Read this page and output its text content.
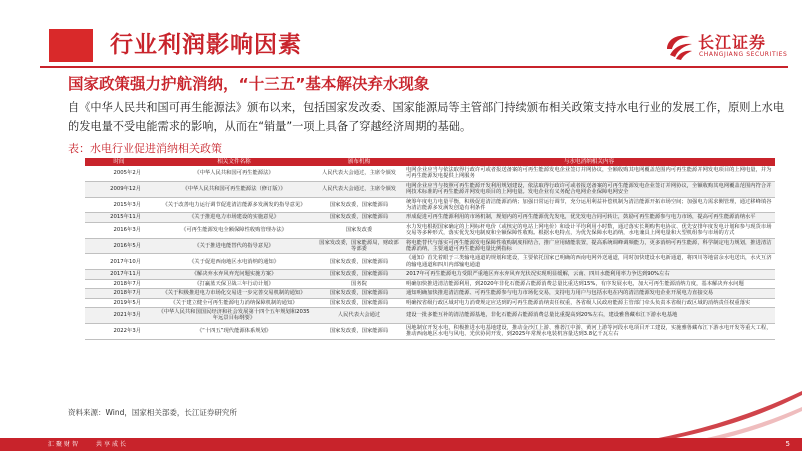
行业利润影响因素	长江证券
CHANGJIANG SECURITIES
国家政策强力护航消纳，“十三五”基本解决弃水现象
自《中华人民共和国可再生能源法》颁布以来，包括国家发改委、国家能源局等主管部门持续颁布相关政策支持水电行业的发展工作，原则上水电的发电量不受电能需求的影响，从而在“销量”一项上具备了穿越经济周期的基础。
表：水电行业促进消纳相关政策
时间	相关文件名称	颁布机构	与水电消纳相关内容
2005年2月	《中华人民共和国可再生能源法》	人民代表大会通过，主席令颁发	电网企业应当与依法取得行政许可或者报送备案的可再生能源发电企业签订并网协议，全额收购其电网覆盖范围内可再生能源并网发电项目的上网电量，并为可再生能源发电提供上网服务
2009年12月	《中华人民共和国可再生能源法（修订版）》	人民代表大会通过，主席令颁发	电网企业应当与按照可再生能源开发利用规划建设，依法取得行政许可或者报送备案的可再生能源发电企业签订并网协议，全额收购其电网覆盖范围内符合并网技术标准的可再生能源并网发电项目的上网电量。发电企业有义务配合电网企业保障电网安全
2015年3月	《关于改善电力运行调节促进清洁能源多发满发的指导意见》	国家发改委，国家能源局	统筹年度电力电量平衡，积极促进清洁能源消纳；加强日常运行调节，充分运用利益补偿机制为清洁能源开拓市场空间；加强电力需求侧管理，通过移峰填谷为清洁能源多发满发创造有利条件
2015年11月	《关于推进电力市场建设的实施意见》	国家发改委，国家能源局	形成促进可再生能源利用的市场机制，规划内的可再生能源优先发电，优先发电合同可转让，鼓励可再生能源参与电力市场，提高可再生能源消纳水平
2016年3月	《可再生能源发电全额保障性收购管理办法》	国家发改委	水力发电根据国家确定的上网标杆电价（或核定的电站上网电价）和设计平均利用小时数，通过落实长期购售电协议、优先安排年度发电计划和参与现货市场交易等多种形式，落实优先发电制度和全额保障性收购。根据水电特点，为优先保障水电消纳，水电兼具上网电量和大型机组参与市场的方式
2016年5月	《关于推进电能替代的指导意见》	国家发改委，国家能源局，财政部等部委	将电能替代与落实可再生能源发电保障性收购制度相结合，推广应用储能装置，提高系统调峰调频能力，更多消纳可再生能源，科学制定电力规划，推进清洁能源消纳，主要通道可再生能源电量比例指标
2017年10月	《关于促进西南地区水电消纳的通知》	国家发改委，国家能源局	《通知》首先着眼于三类输电通道的规划和建设，主要依托国家已明确的西南电网外送通道，同时加快建设水电新通道，将四川等地富余水电送出，水火互济的输电通道和四川内部输电通道
2017年11月	《解决弃水弃风弃光问题实施方案》	国家发改委，国家能源局	2017年可再生能源电力受限严重地区弃水弃风弃光状况实现明显缓解，云南、四川水能利用率力争达到90%左右
2018年7月	《打赢蓝天保卫战三年行动计划》	国务院	明确加快推进清洁能源利用，到2020年非化石能源占能源消费总量比重达到15%，有序发展水电，加大可再生能源消纳力度，基本解决弃水问题
2018年7月	《关于积极推进电力市场化交易进一步完善交易机制的通知》	国家发改委，国家能源局	通知明确加快推进清洁能源、可再生能源参与电力市场化交易，支持电力用户与包括水电在内的清洁能源发电企业开展电力直接交易
2019年5月	《关于建立健全可再生能源电力消纳保障机制的通知》	国家发改委，国家能源局	明确按省级行政区域对电力消费规定应达到的可再生能源消纳责任权重，各省级人民政府能源主管部门牵头负责本省级行政区域的消纳责任权重落实
2021年3月	《中华人民共和国国民经济和社会发展第十四个五年规划和2035年远景目标纲要》	人民代表大会通过	建设一批多能互补的清洁能源基地，非化石能源占能源消费总量比重提高到20%左右，建设雅鲁藏布江下游水电基地
2022年3月	《“十四五”现代能源体系规划》	国家发改委，国家能源局	因地制宜开发水电，积极推进水电基地建设，推动金沙江上游、雅砻江中游、黄河上游等河段水电项目开工建设，实施雅鲁藏布江下游水电开发等重大工程，推动西南地区水电与风电、光伏协同开发，到2025年常规水电装机容量达到3.8亿千瓦左右
资料来源：Wind，国家相关部委，长江证券研究所
汇聚财智　　共享成长	5
